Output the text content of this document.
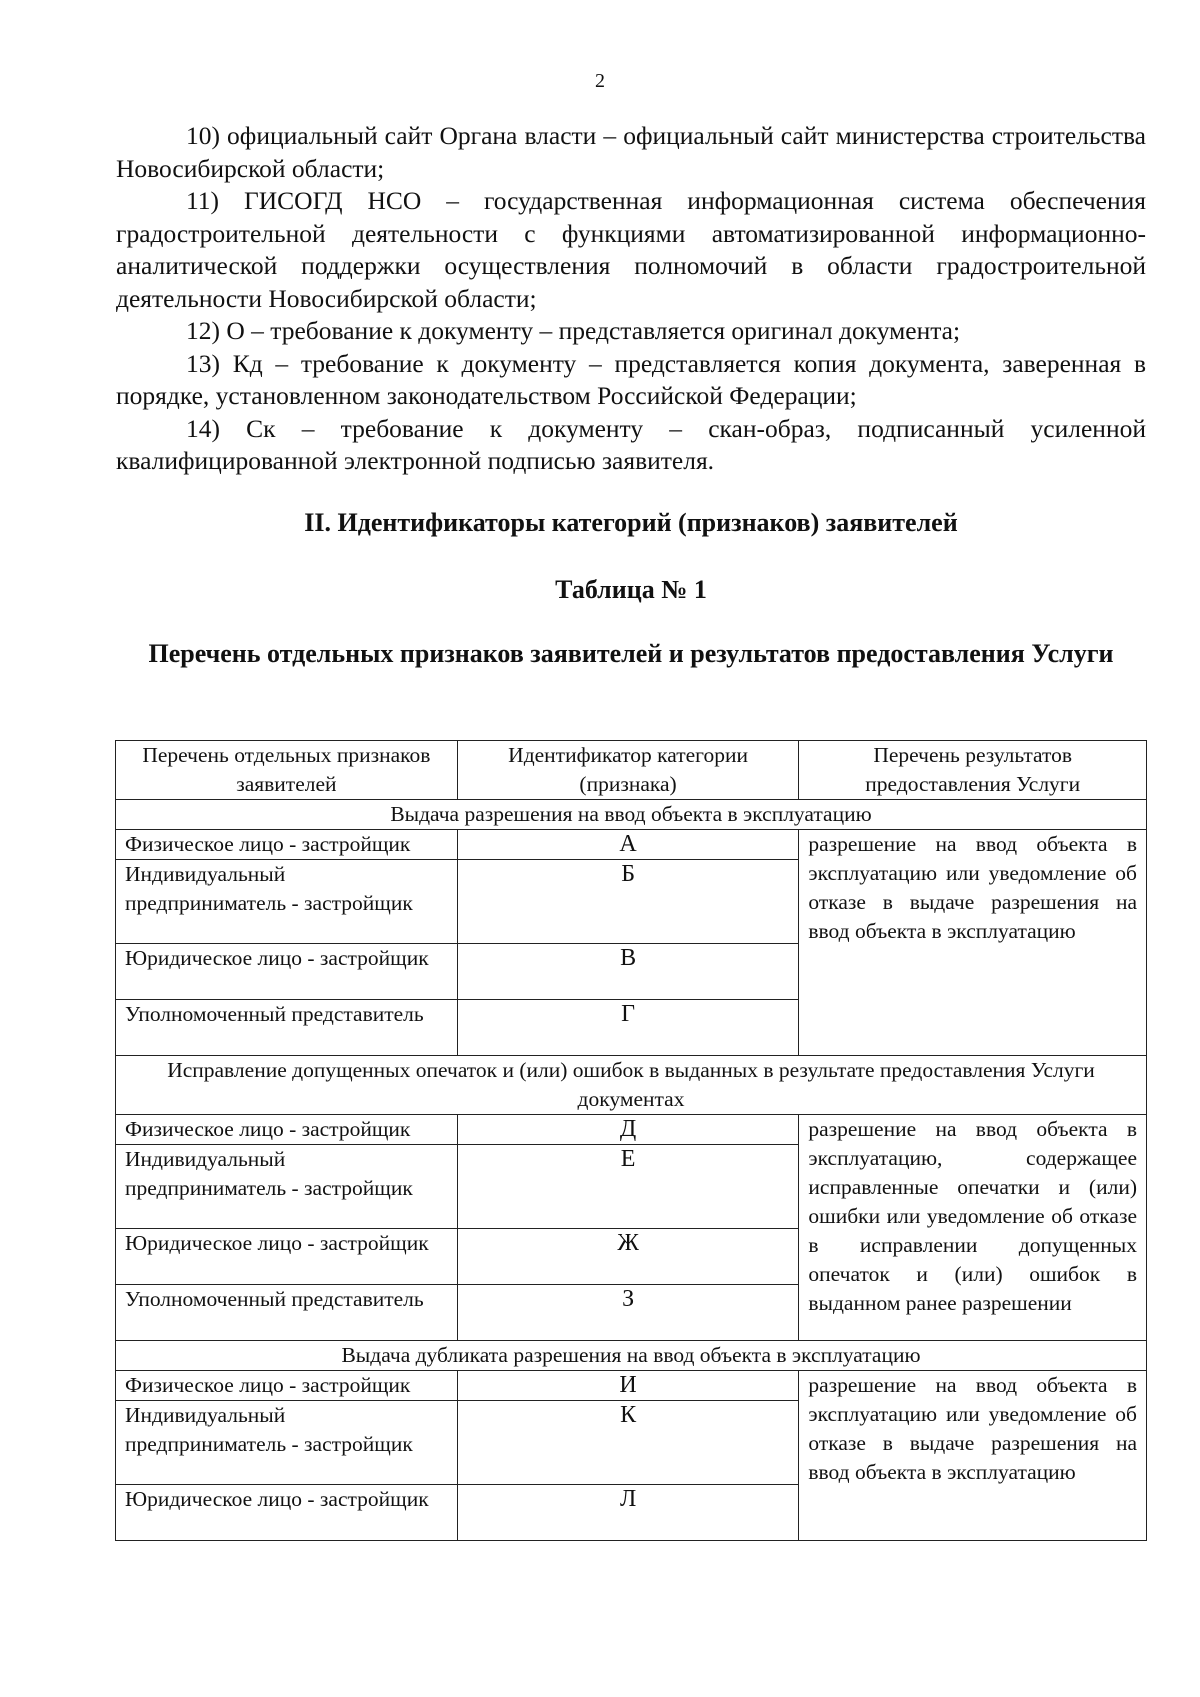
2

10) официальный сайт Органа власти – официальный сайт министерства строительства Новосибирской области;

11) ГИСОГД НСО – государственная информационная система обеспечения градостроительной деятельности с функциями автоматизированной информационно-аналитической поддержки осуществления полномочий в области градостроительной деятельности Новосибирской области;

12) О – требование к документу – представляется оригинал документа;

13) Кд – требование к документу – представляется копия документа, заверенная в порядке, установленном законодательством Российской Федерации;

14) Ск – требование к документу – скан-образ, подписанный усиленной квалифицированной электронной подписью заявителя.

II. Идентификаторы категорий (признаков) заявителей
Таблица № 1
Перечень отдельных признаков заявителей и результатов предоставления Услуги
Перечень отдельных признаков заявителей	Идентификатор категории (признака)	Перечень результатов предоставления Услуги
Выдача разрешения на ввод объекта в эксплуатацию		
Физическое лицо - застройщик	А	разрешение на ввод объекта в эксплуатацию или уведомление об отказе в выдаче разрешения на ввод объекта в эксплуатацию
Индивидуальный предприниматель - застройщик	Б	
Юридическое лицо - застройщик	В	
Уполномоченный представитель	Г	
Исправление допущенных опечаток и (или) ошибок в выданных в результате предоставления Услуги документах		
Физическое лицо - застройщик	Д	разрешение на ввод объекта в эксплуатацию, содержащее исправленные опечатки и (или) ошибки или уведомление об отказе в исправлении допущенных опечаток и (или) ошибок в выданном ранее разрешении
Индивидуальный предприниматель - застройщик	Е	
Юридическое лицо - застройщик	Ж	
Уполномоченный представитель	З	
Выдача дубликата разрешения на ввод объекта в эксплуатацию		
Физическое лицо - застройщик	И	разрешение на ввод объекта в эксплуатацию или уведомление об отказе в выдаче разрешения на ввод объекта в эксплуатацию
Индивидуальный предприниматель - застройщик	К	
Юридическое лицо - застройщик	Л	
